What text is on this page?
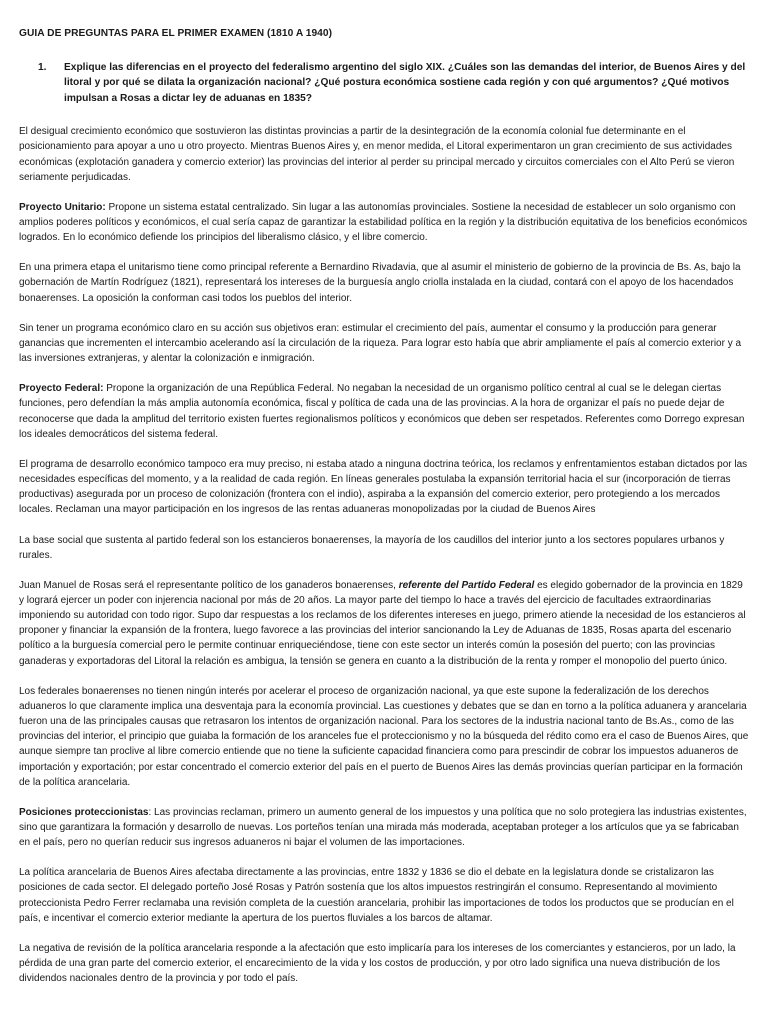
GUIA DE PREGUNTAS PARA EL PRIMER EXAMEN (1810 A 1940)
1.	Explique las diferencias en el proyecto del federalismo argentino del siglo XIX. ¿Cuáles son las demandas del interior, de Buenos Aires y del litoral y por qué se dilata la organización nacional? ¿Qué postura económica sostiene cada región y con qué argumentos? ¿Qué motivos impulsan a Rosas a dictar ley de aduanas en 1835?

El desigual crecimiento económico que sostuvieron las distintas provincias a partir de la desintegración de la economía colonial fue determinante en el posicionamiento para apoyar a uno u otro proyecto. Mientras Buenos Aires y, en menor medida, el Litoral experimentaron un gran crecimiento de sus actividades económicas (explotación ganadera y comercio exterior) las provincias del interior al perder su principal mercado y circuitos comerciales con el Alto Perú se vieron seriamente perjudicadas.

Proyecto Unitario: Propone un sistema estatal centralizado. Sin lugar a las autonomías provinciales. Sostiene la necesidad de establecer un solo organismo con amplios poderes políticos y económicos, el cual sería capaz de garantizar la estabilidad política en la región y la distribución equitativa de los beneficios económicos logrados. En lo económico defiende los principios del liberalismo clásico, y el libre comercio.

En una primera etapa el unitarismo tiene como principal referente a Bernardino Rivadavia, que al asumir el ministerio de gobierno de la provincia de Bs. As, bajo la gobernación de Martín Rodríguez (1821), representará los intereses de la burguesía anglo criolla instalada en la ciudad, contará con el apoyo de los hacendados bonaerenses. La oposición la conforman casi todos los pueblos del interior.

Sin tener un programa económico claro en su acción sus objetivos eran: estimular el crecimiento del país, aumentar el consumo y la producción para generar ganancias que incrementen el intercambio acelerando así la circulación de la riqueza. Para lograr esto había que abrir ampliamente el país al comercio exterior y a las inversiones extranjeras, y alentar la colonización e inmigración.

Proyecto Federal: Propone la organización de una República Federal. No negaban la necesidad de un organismo político central al cual se le delegan ciertas funciones, pero defendían la más amplia autonomía económica, fiscal y política de cada una de las provincias. A la hora de organizar el país no puede dejar de reconocerse que dada la amplitud del territorio existen fuertes regionalismos políticos y económicos que deben ser respetados. Referentes como Dorrego expresan los ideales democráticos del sistema federal.

El programa de desarrollo económico tampoco era muy preciso, ni estaba atado a ninguna doctrina teórica, los reclamos y enfrentamientos estaban dictados por las necesidades específicas del momento, y a la realidad de cada región. En líneas generales postulaba la expansión territorial hacia el sur (incorporación de tierras productivas) asegurada por un proceso de colonización (frontera con el indio), aspiraba a la expansión del comercio exterior, pero protegiendo a los mercados locales. Reclaman una mayor participación en los ingresos de las rentas aduaneras monopolizadas por la ciudad de Buenos Aires

La base social que sustenta al partido federal son los estancieros bonaerenses, la mayoría de los caudillos del interior junto a los sectores populares urbanos y rurales.

Juan Manuel de Rosas será el representante político de los ganaderos bonaerenses, referente del Partido Federal es elegido gobernador de la provincia en 1829 y logrará ejercer un poder con injerencia nacional por más de 20 años. La mayor parte del tiempo lo hace a través del ejercicio de facultades extraordinarias imponiendo su autoridad con todo rigor. Supo dar respuestas a los reclamos de los diferentes intereses en juego, primero atiende la necesidad de los estancieros al proponer y financiar la expansión de la frontera, luego favorece a las provincias del interior sancionando la Ley de Aduanas de 1835, Rosas aparta del escenario político a la burguesía comercial pero le permite continuar enriqueciéndose, tiene con este sector un interés común la posesión del puerto; con las provincias ganaderas y exportadoras del Litoral la relación es ambigua, la tensión se genera en cuanto a la distribución de la renta y romper el monopolio del puerto único.

Los federales bonaerenses no tienen ningún interés por acelerar el proceso de organización nacional, ya que este supone la federalización de los derechos aduaneros lo que claramente implica una desventaja para la economía provincial. Las cuestiones y debates que se dan en torno a la política aduanera y arancelaria fueron una de las principales causas que retrasaron los intentos de organización nacional. Para los sectores de la industria nacional tanto de Bs.As., como de las provincias del interior, el principio que guiaba la formación de los aranceles fue el proteccionismo y no la búsqueda del rédito como era el caso de Buenos Aires, que aunque siempre tan proclive al libre comercio entiende que no tiene la suficiente capacidad financiera como para prescindir de cobrar los impuestos aduaneros de importación y exportación; por estar concentrado el comercio exterior del país en el puerto de Buenos Aires las demás provincias querían participar en la formación de la política arancelaria.

Posiciones proteccionistas: Las provincias reclaman, primero un aumento general de los impuestos y una política que no solo protegiera las industrias existentes, sino que garantizara la formación y desarrollo de nuevas. Los porteños tenían una mirada más moderada, aceptaban proteger a los artículos que ya se fabricaban en el país, pero no querían reducir sus ingresos aduaneros ni bajar el volumen de las importaciones.

La política arancelaria de Buenos Aires afectaba directamente a las provincias, entre 1832 y 1836 se dio el debate en la legislatura donde se cristalizaron las posiciones de cada sector. El delegado porteño José Rosas y Patrón sostenía que los altos impuestos restringirán el consumo. Representando al movimiento proteccionista Pedro Ferrer reclamaba una revisión completa de la cuestión arancelaria, prohibir las importaciones de todos los productos que se producían en el país, e incentivar el comercio exterior mediante la apertura de los puertos fluviales a los barcos de altamar.

La negativa de revisión de la política arancelaria responde a la afectación que esto implicaría para los intereses de los comerciantes y estancieros, por un lado, la pérdida de una gran parte del comercio exterior, el encarecimiento de la vida y los costos de producción, y por otro lado significa una nueva distribución de los dividendos nacionales dentro de la provincia y por todo el país.
